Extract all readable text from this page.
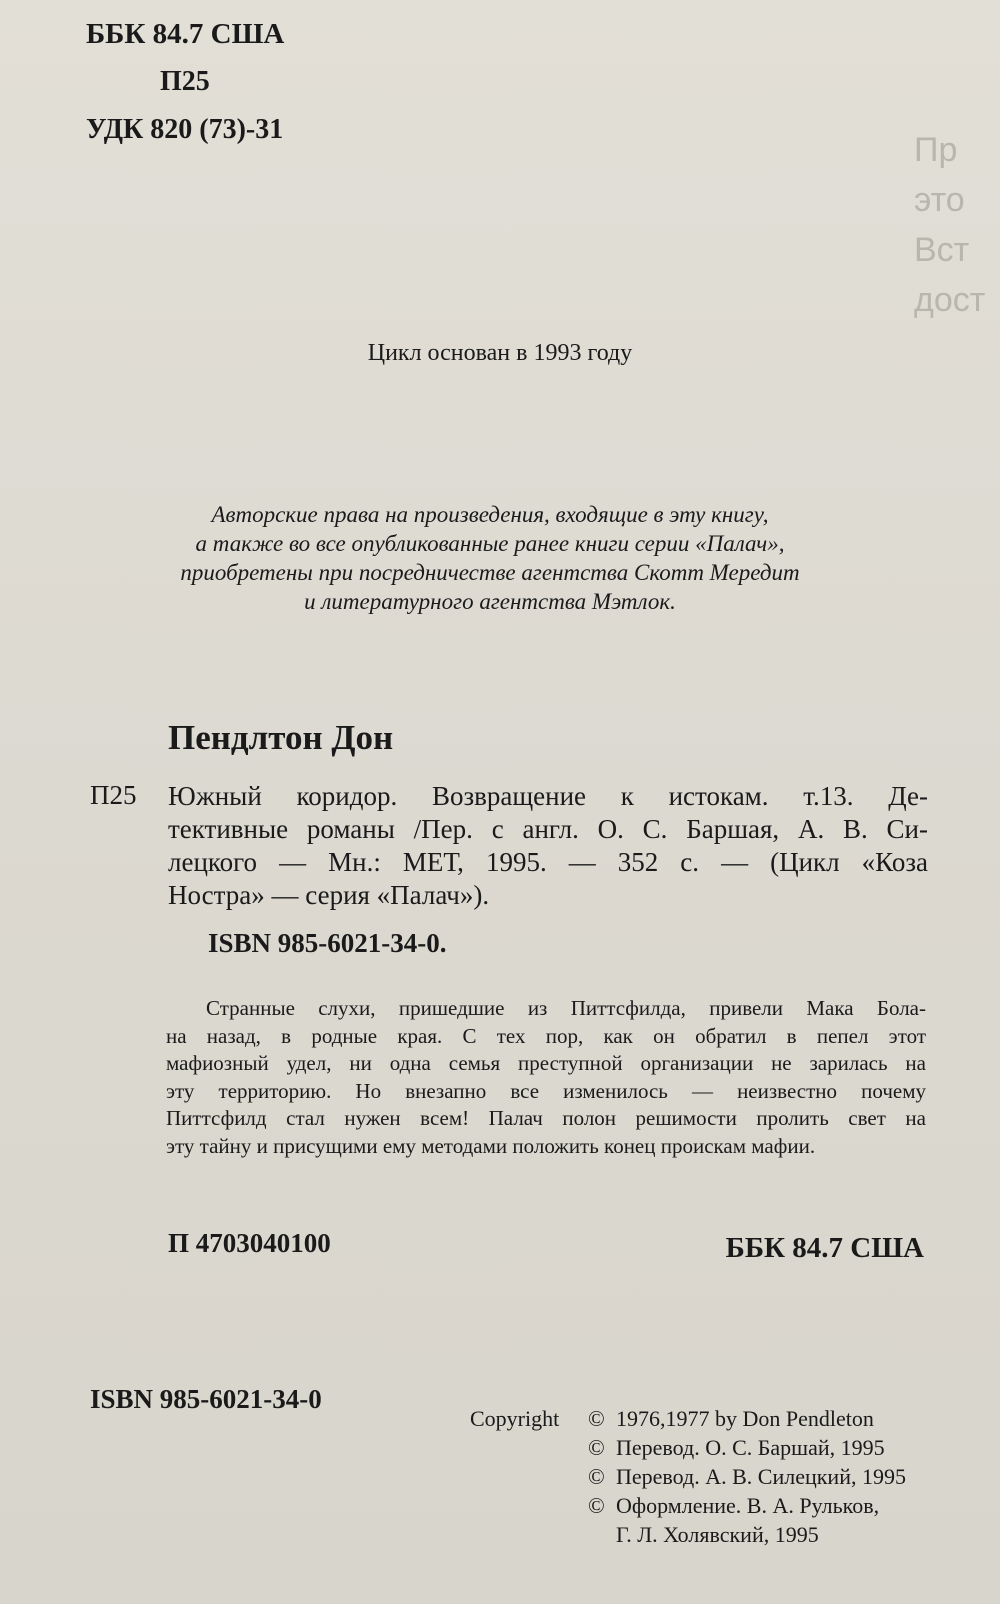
ББК 84.7 США
П25
УДК 820 (73)-31
Пр
это
Вст
дост
Цикл основан в 1993 году
Авторские права на произведения, входящие в эту книгу,
а также во все опубликованные ранее книги серии «Палач»,
приобретены при посредничестве агентства Скотт Мередит
и литературного агентства Мэтлок.
Пендлтон Дон
П25 Южный коридор. Возвращение к истокам. т.13. Де-
тективные романы /Пер. с англ. О. С. Баршая, А. В. Си-
лецкого — Мн.: МЕТ, 1995. — 352 с. — (Цикл «Коза
Ностра» — серия «Палач»).
ISBN 985-6021-34-0.
Странные слухи, пришедшие из Питтсфилда, привели Мака Бола-
на назад, в родные края. С тех пор, как он обратил в пепел этот
мафиозный удел, ни одна семья преступной организации не зарилась на
эту территорию. Но внезапно все изменилось — неизвестно почему
Питтсфилд стал нужен всем! Палач полон решимости пролить свет на
эту тайну и присущими ему методами положить конец проискам мафии.
П 4703040100	ББК 84.7 США
ISBN 985-6021-34-0
Copyright © 1976,1977 by Don Pendleton
© Перевод. О. С. Баршай, 1995
© Перевод. А. В. Силецкий, 1995
© Оформление. В. А. Рульков,
Г. Л. Холявский, 1995
